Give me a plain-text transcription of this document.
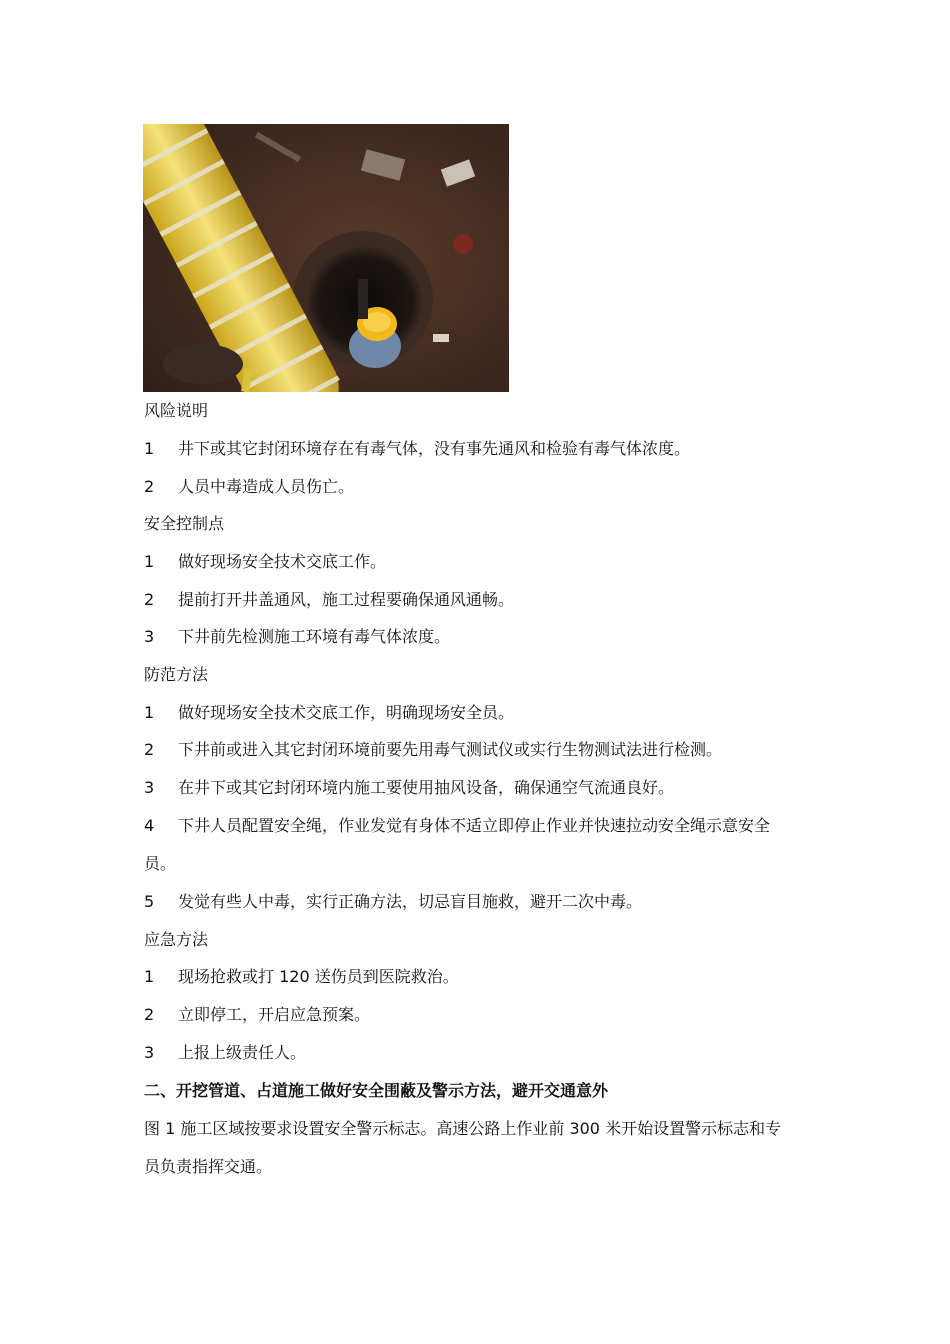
风险说明
1 井下或其它封闭环境存在有毒气体，没有事先通风和检验有毒气体浓度。
2 人员中毒造成人员伤亡。
安全控制点
1 做好现场安全技术交底工作。
2 提前打开井盖通风，施工过程要确保通风通畅。
3 下井前先检测施工环境有毒气体浓度。
防范方法
1 做好现场安全技术交底工作，明确现场安全员。
2 下井前或进入其它封闭环境前要先用毒气测试仪或实行生物测试法进行检测。
3 在井下或其它封闭环境内施工要使用抽风设备，确保通空气流通良好。
4 下井人员配置安全绳，作业发觉有身体不适立即停止作业并快速拉动安全绳示意安全
员。
5 发觉有些人中毒，实行正确方法，切忌盲目施救，避开二次中毒。
应急方法
1 现场抢救或打 120 送伤员到医院救治。
2 立即停工，开启应急预案。
3 上报上级责任人。
二、开挖管道、占道施工做好安全围蔽及警示方法，避开交通意外
图 1 施工区域按要求设置安全警示标志。高速公路上作业前 300 米开始设置警示标志和专
员负责指挥交通。
